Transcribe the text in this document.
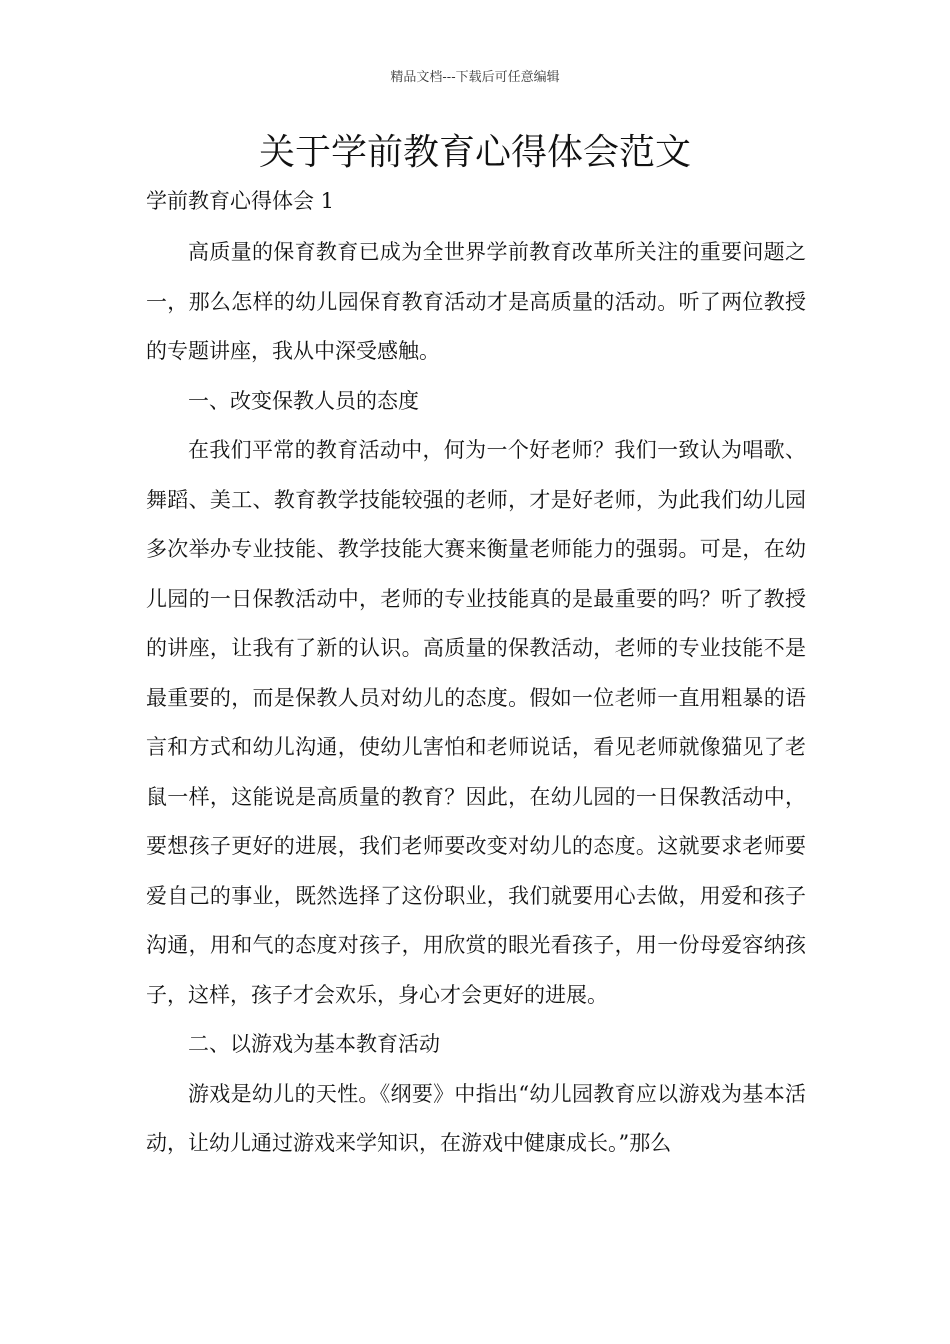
精品文档---下载后可任意编辑
关于学前教育心得体会范文
学前教育心得体会 1

高质量的保育教育已成为全世界学前教育改革所关注的重要问题之一，那么怎样的幼儿园保育教育活动才是高质量的活动。听了两位教授的专题讲座，我从中深受感触。

一、改变保教人员的态度

在我们平常的教育活动中，何为一个好老师？我们一致认为唱歌、舞蹈、美工、教育教学技能较强的老师，才是好老师，为此我们幼儿园多次举办专业技能、教学技能大赛来衡量老师能力的强弱。可是，在幼儿园的一日保教活动中，老师的专业技能真的是最重要的吗？听了教授的讲座，让我有了新的认识。高质量的保教活动，老师的专业技能不是最重要的，而是保教人员对幼儿的态度。假如一位老师一直用粗暴的语言和方式和幼儿沟通，使幼儿害怕和老师说话，看见老师就像猫见了老鼠一样，这能说是高质量的教育？因此，在幼儿园的一日保教活动中，要想孩子更好的进展，我们老师要改变对幼儿的态度。这就要求老师要爱自己的事业，既然选择了这份职业，我们就要用心去做，用爱和孩子沟通，用和气的态度对孩子，用欣赏的眼光看孩子，用一份母爱容纳孩子，这样，孩子才会欢乐，身心才会更好的进展。

二、以游戏为基本教育活动

游戏是幼儿的天性。《纲要》中指出“幼儿园教育应以游戏为基本活动，让幼儿通过游戏来学知识，在游戏中健康成长。”那么
